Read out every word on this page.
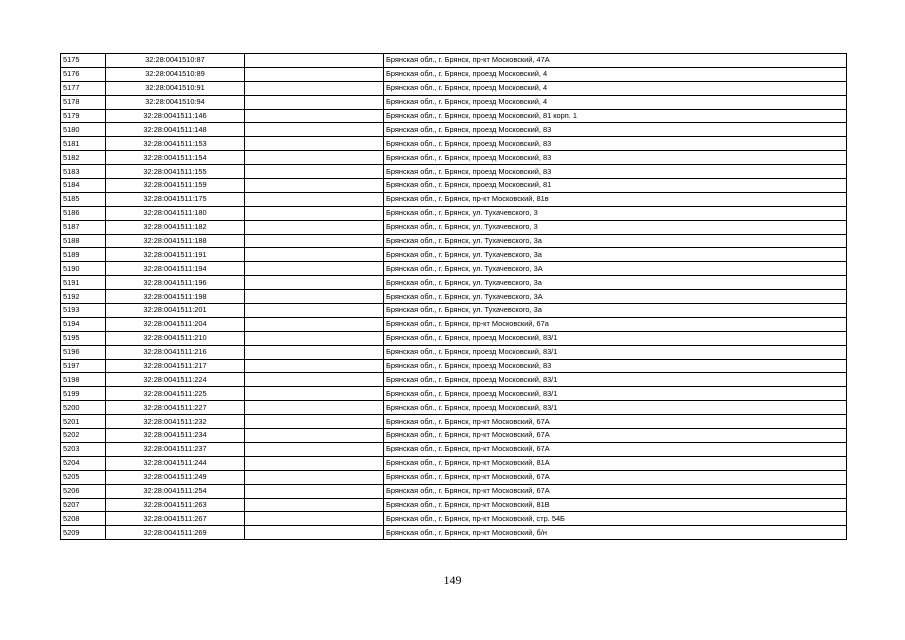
5175	32:28:0041510:87		Брянская обл., г. Брянск, пр-кт Московский, 47А
5176	32:28:0041510:89		Брянская обл., г. Брянск, проезд Московский, 4
5177	32:28:0041510:91		Брянская обл., г. Брянск, проезд Московский, 4
5178	32:28:0041510:94		Брянская обл., г. Брянск, проезд Московский, 4
5179	32:28:0041511:146		Брянская обл., г. Брянск, проезд Московский, 81 корп. 1
5180	32:28:0041511:148		Брянская обл., г. Брянск, проезд Московский, 83
5181	32:28:0041511:153		Брянская обл., г. Брянск, проезд Московский, 83
5182	32:28:0041511:154		Брянская обл., г. Брянск, проезд Московский, 83
5183	32:28:0041511:155		Брянская обл., г. Брянск, проезд Московский, 83
5184	32:28:0041511:159		Брянская обл., г. Брянск, проезд Московский, 81
5185	32:28:0041511:175		Брянская обл., г. Брянск, пр-кт Московский, 81в
5186	32:28:0041511:180		Брянская обл., г. Брянск, ул. Тухачевского, 3
5187	32:28:0041511:182		Брянская обл., г. Брянск, ул. Тухачевского, 3
5188	32:28:0041511:188		Брянская обл., г. Брянск, ул. Тухачевского, 3а
5189	32:28:0041511:191		Брянская обл., г. Брянск, ул. Тухачевского, 3а
5190	32:28:0041511:194		Брянская обл., г. Брянск, ул. Тухачевского, 3А
5191	32:28:0041511:196		Брянская обл., г. Брянск, ул. Тухачевского, 3а
5192	32:28:0041511:198		Брянская обл., г. Брянск, ул. Тухачевского, 3А
5193	32:28:0041511:201		Брянская обл., г. Брянск, ул. Тухачевского, 3а
5194	32:28:0041511:204		Брянская обл., г. Брянск, пр-кт Московский, 67а
5195	32:28:0041511:210		Брянская обл., г. Брянск, проезд Московский, 83/1
5196	32:28:0041511:216		Брянская обл., г. Брянск, проезд Московский, 83/1
5197	32:28:0041511:217		Брянская обл., г. Брянск, проезд Московский, 83
5198	32:28:0041511:224		Брянская обл., г. Брянск, проезд Московский, 83/1
5199	32:28:0041511:225		Брянская обл., г. Брянск, проезд Московский, 83/1
5200	32:28:0041511:227		Брянская обл., г. Брянск, проезд Московский, 83/1
5201	32:28:0041511:232		Брянская обл., г. Брянск, пр-кт Московский, 67А
5202	32:28:0041511:234		Брянская обл., г. Брянск, пр-кт Московский, 67А
5203	32:28:0041511:237		Брянская обл., г. Брянск, пр-кт Московский, 67А
5204	32:28:0041511:244		Брянская обл., г. Брянск, пр-кт Московский, 81А
5205	32:28:0041511:249		Брянская обл., г. Брянск, пр-кт Московский, 67А
5206	32:28:0041511:254		Брянская обл., г. Брянск, пр-кт Московский, 67А
5207	32:28:0041511:263		Брянская обл., г. Брянск, пр-кт Московский, 81В
5208	32:28:0041511:267		Брянская обл., г. Брянск, пр-кт Московский, стр. 54Б
5209	32:28:0041511:269		Брянская обл., г. Брянск, пр-кт Московский, б/н
149
